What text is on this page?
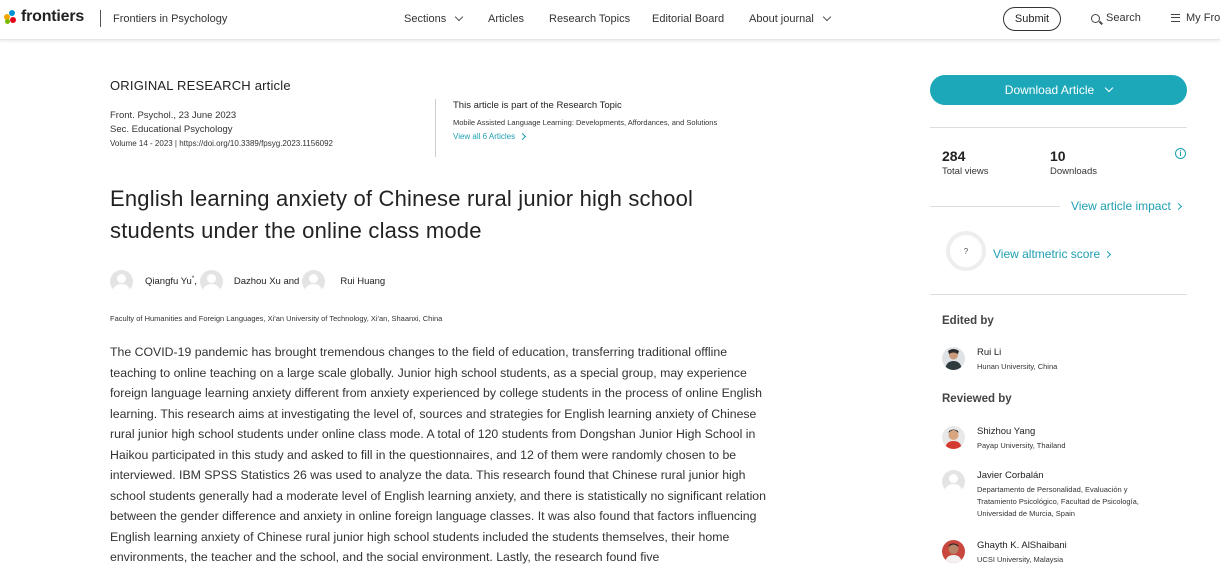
frontiers	Frontiers in Psychology	Sections	Articles Research Topics Editorial Board About journal	Submit	Search	My Fro
ORIGINAL RESEARCH article
Front. Psychol., 23 June 2023
Sec. Educational Psychology
Volume 14 - 2023 | https://doi.org/10.3389/fpsyg.2023.1156092
This article is part of the Research Topic
Mobile Assisted Language Learning: Developments, Affordances, and Solutions
View all 6 Articles
English learning anxiety of Chinese rural junior high school students under the online class mode
Qiangfu Yu*,	Dazhou Xu and	Rui Huang
Faculty of Humanities and Foreign Languages, Xi'an University of Technology, Xi'an, Shaanxi, China

The COVID-19 pandemic has brought tremendous changes to the field of education, transferring traditional offline teaching to online teaching on a large scale globally. Junior high school students, as a special group, may experience foreign language learning anxiety different from anxiety experienced by college students in the process of online English learning. This research aims at investigating the level of, sources and strategies for English learning anxiety of Chinese rural junior high school students under online class mode. A total of 120 students from Dongshan Junior High School in Haikou participated in this study and asked to fill in the questionnaires, and 12 of them were randomly chosen to be interviewed. IBM SPSS Statistics 26 was used to analyze the data. This research found that Chinese rural junior high school students generally had a moderate level of English learning anxiety, and there is statistically no significant relation between the gender difference and anxiety in online foreign language classes. It was also found that factors influencing English learning anxiety of Chinese rural junior high school students included the students themselves, their home environments, the teacher and the school, and the social environment. Lastly, the research found five

Download Article
284
Total views
10
Downloads
i
View article impact
? View altmetric score
Edited by
Rui Li
Hunan University, China
Reviewed by
Shizhou Yang
Payap University, Thailand
Javier Corbalán
Departamento de Personalidad, Evaluación y Tratamiento Psicológico, Facultad de Psicología, Universidad de Murcia, Spain
Ghayth K. AlShaibani
UCSI University, Malaysia
